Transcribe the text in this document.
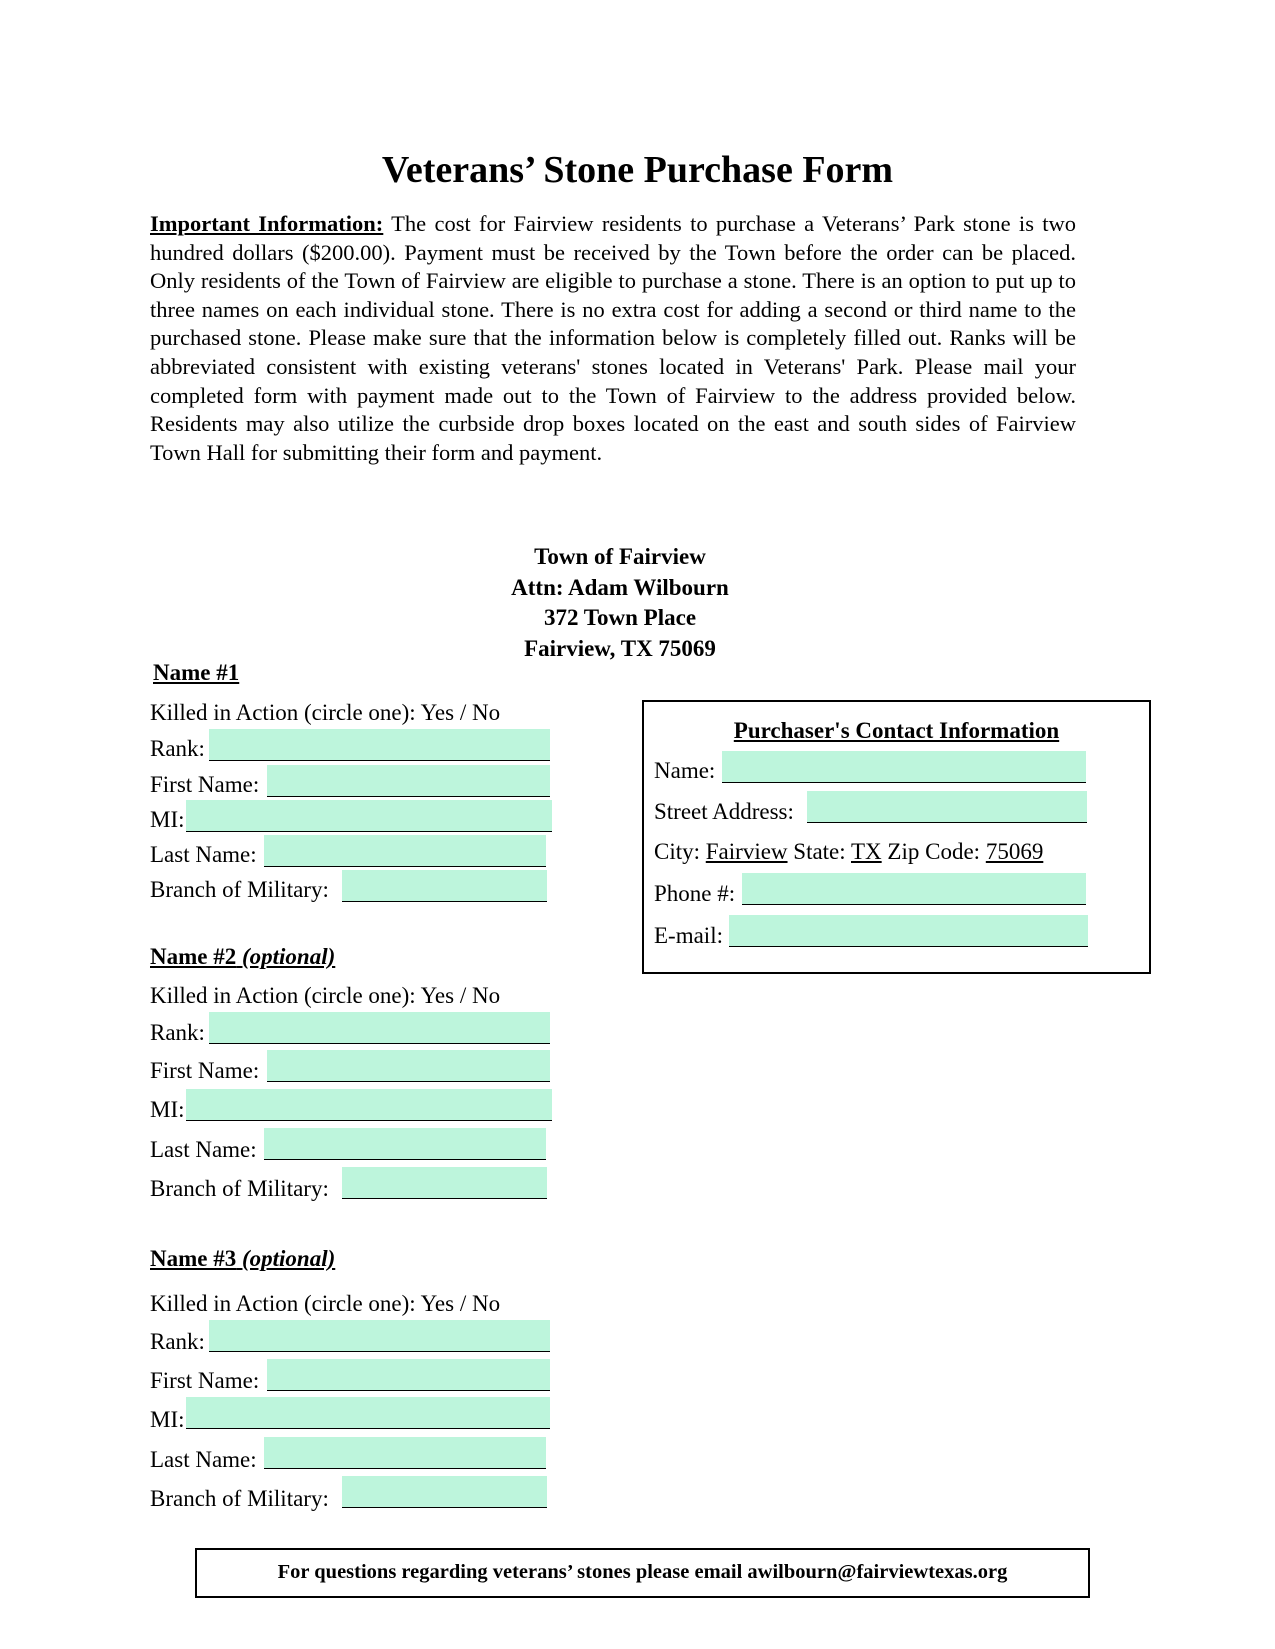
Veterans’ Stone Purchase Form

Important Information: The cost for Fairview residents to purchase a Veterans’ Park stone is two hundred dollars ($200.00). Payment must be received by the Town before the order can be placed. Only residents of the Town of Fairview are eligible to purchase a stone. There is an option to put up to three names on each individual stone. There is no extra cost for adding a second or third name to the purchased stone. Please make sure that the information below is completely filled out. Ranks will be abbreviated consistent with existing veterans' stones located in Veterans' Park. Please mail your completed form with payment made out to the Town of Fairview to the address provided below. Residents may also utilize the curbside drop boxes located on the east and south sides of Fairview Town Hall for submitting their form and payment.

Town of Fairview
Attn: Adam Wilbourn
372 Town Place
Fairview, TX 75069
Name #1
Killed in Action (circle one): Yes / No
Rank:
First Name:
MI:
Last Name:
Branch of Military:
Name #2 (optional)
Killed in Action (circle one): Yes / No
Rank:
First Name:
MI:
Last Name:
Branch of Military:
Name #3 (optional)
Killed in Action (circle one): Yes / No
Rank:
First Name:
MI:
Last Name:
Branch of Military:
Purchaser's Contact Information
Name:
Street Address:
City: Fairview State: TX Zip Code: 75069
Phone #:
E-mail:
For questions regarding veterans’ stones please email awilbourn@fairviewtexas.org
